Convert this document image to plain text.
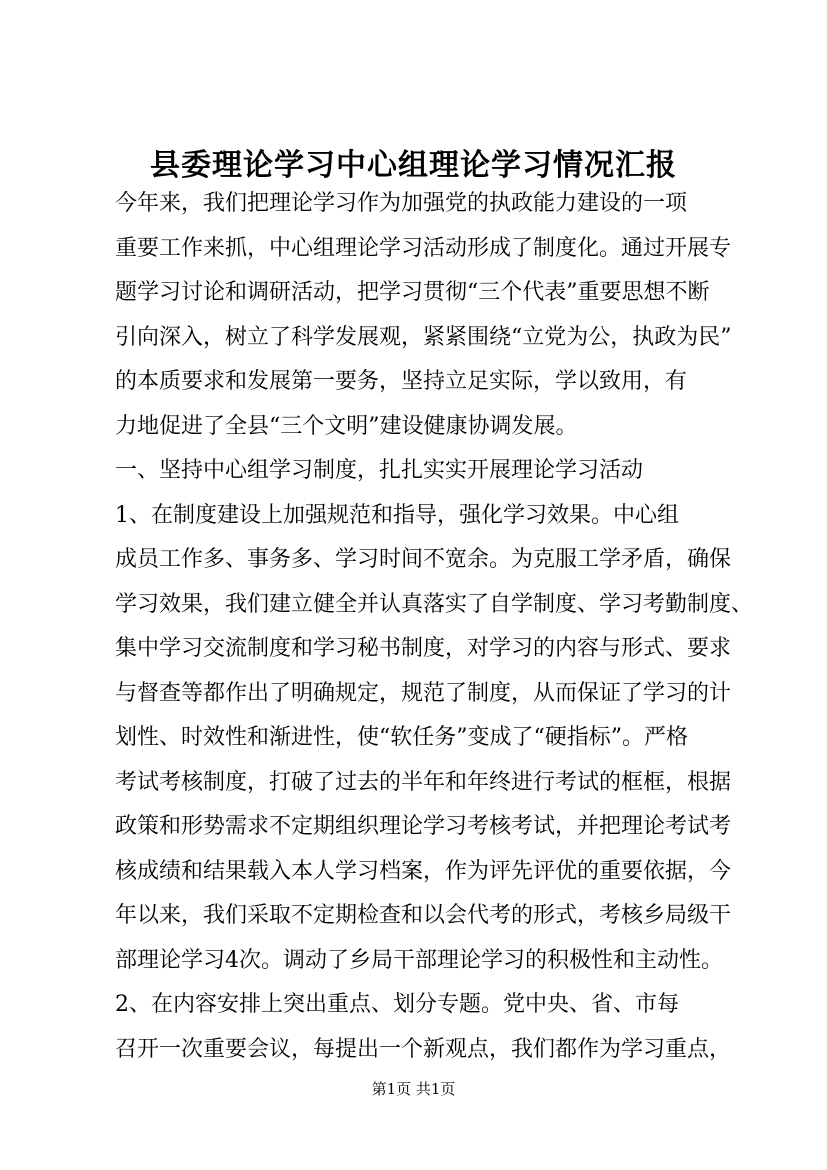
县委理论学习中心组理论学习情况汇报
今年来，我们把理论学习作为加强党的执政能力建设的一项
重要工作来抓，中心组理论学习活动形成了制度化。通过开展专
题学习讨论和调研活动，把学习贯彻“三个代表”重要思想不断
引向深入，树立了科学发展观，紧紧围绕“立党为公，执政为民”
的本质要求和发展第一要务，坚持立足实际，学以致用，有
力地促进了全县“三个文明”建设健康协调发展。
一、坚持中心组学习制度，扎扎实实开展理论学习活动
1、在制度建设上加强规范和指导，强化学习效果。中心组
成员工作多、事务多、学习时间不宽余。为克服工学矛盾，确保
学习效果，我们建立健全并认真落实了自学制度、学习考勤制度、
集中学习交流制度和学习秘书制度，对学习的内容与形式、要求
与督查等都作出了明确规定，规范了制度，从而保证了学习的计
划性、时效性和渐进性，使“软任务”变成了“硬指标”。严格
考试考核制度，打破了过去的半年和年终进行考试的框框，根据
政策和形势需求不定期组织理论学习考核考试，并把理论考试考
核成绩和结果载入本人学习档案，作为评先评优的重要依据，今
年以来，我们采取不定期检查和以会代考的形式，考核乡局级干
部理论学习4次。调动了乡局干部理论学习的积极性和主动性。
2、在内容安排上突出重点、划分专题。党中央、省、市每
第1页 共1页
召开一次重要会议，每提出一个新观点，我们都作为学习重点，
